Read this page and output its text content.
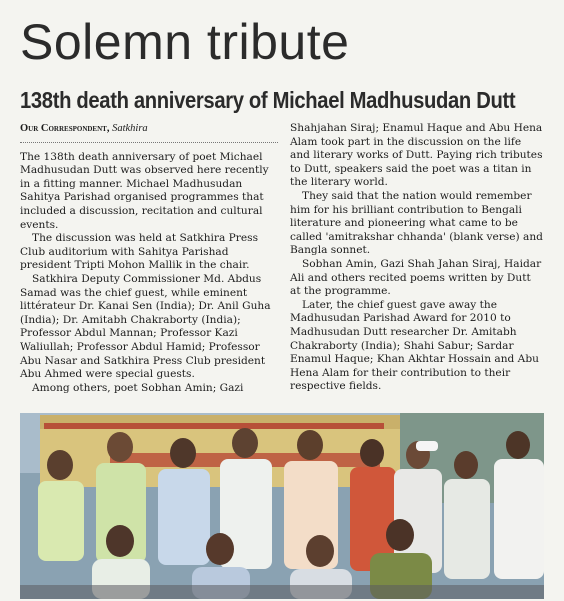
Solemn tribute
138th death anniversary of Michael Madhusudan Dutt
Our Correspondent, Satkhira

The 138th death anniversary of poet Michael Madhusudan Dutt was observed here recently in a fitting manner. Michael Madhusudan Sahitya Parishad organised programmes that included a discussion, recitation and cultural events.

The discussion was held at Satkhira Press Club auditorium with Sahitya Parishad president Tripti Mohon Mallik in the chair.

Satkhira Deputy Commissioner Md. Abdus Samad was the chief guest, while eminent littérateur Dr. Kanai Sen (India); Dr. Anil Guha (India); Dr. Amitabh Chakraborty (India); Professor Abdul Mannan; Professor Kazi Waliullah; Professor Abdul Hamid; Professor Abu Nasar and Satkhira Press Club president Abu Ahmed were special guests.

Among others, poet Sobhan Amin; Gazi

Shahjahan Siraj; Enamul Haque and Abu Hena Alam took part in the discussion on the life and literary works of Dutt. Paying rich tributes to Dutt, speakers said the poet was a titan in the literary world.

They said that the nation would remember him for his brilliant contribution to Bengali literature and pioneering what came to be called 'amitrakshar chhanda' (blank verse) and Bangla sonnet.

Sobhan Amin, Gazi Shah Jahan Siraj, Haidar Ali and others recited poems written by Dutt at the programme.

Later, the chief guest gave away the Madhusudan Parishad Award for 2010 to Madhusudan Dutt researcher Dr. Amitabh Chakraborty (India); Shahi Sabur; Sardar Enamul Haque; Khan Akhtar Hossain and Abu Hena Alam for their contribution to their respective fields.
